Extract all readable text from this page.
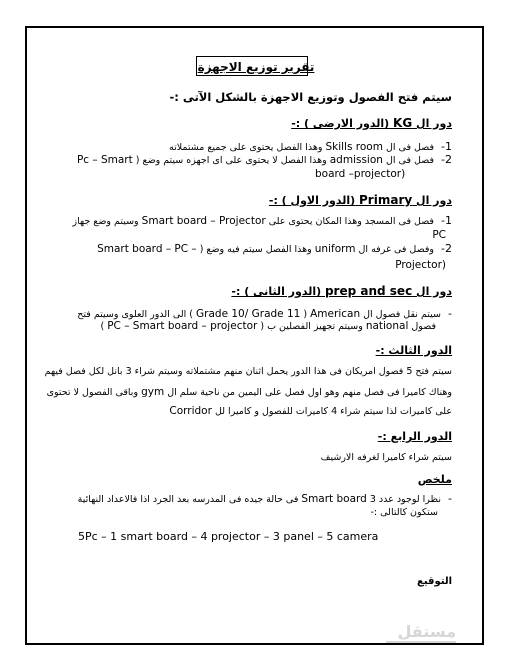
تقرير توزيع الاجهزة
سيتم فتح الفصول وتوزيع الاجهزة بالشكل الآتى :-
دور ال KG (الدور الارضى ) :-
1- فصل فى ال Skills room وهذا الفصل يحتوى على جميع مشتملاته
2- فصل فى ال admission وهذا الفصل لا يحتوى على اى اجهزه سيتم وضع ( Pc – Smart
board –projector)
دور ال Primary (الدور الاول ) :-
1- فصل فى المسجد وهذا المكان يحتوى على Smart board – Projector وسيتم وضع جهاز
PC
2- وفصل فى غرفه ال uniform وهذا الفصل سيتم فيه وضع ( Smart board – PC –
Projector)
دور ال prep and sec (الدور الثانى ) :-
- سيتم نقل فصول ال American ( Grade 10/ Grade 11 ) الى الدور العلوى وسيتم فتح
فصول national وسيتم تجهيز الفصلين ب ( PC – Smart board – projector )
الدور الثالث :-
سيتم فتح 5 فصول امريكان فى هذا الدور يحمل اثنان منهم مشتملاته وسيتم شراء 3 بانل لكل فصل فيهم
وهناك كاميرا فى فصل منهم وهو اول فصل على اليمين من ناحية سلم ال gym وباقى الفصول لا تحتوى
على كاميرات لذا سيتم شراء 4 كاميرات للفصول و كاميرا لل Corridor
الدور الرابع :-
سيتم شراء كاميرا لغرفه الارشيف
ملخص
- نظرا لوجود عدد 3 Smart board فى حالة جيده فى المدرسه بعد الجرد اذا فالاعداد النهائية
ستكون كالتالى :-
5Pc – 1 smart board – 4 projector – 3 panel – 5 camera
التوقيع
مستقل
